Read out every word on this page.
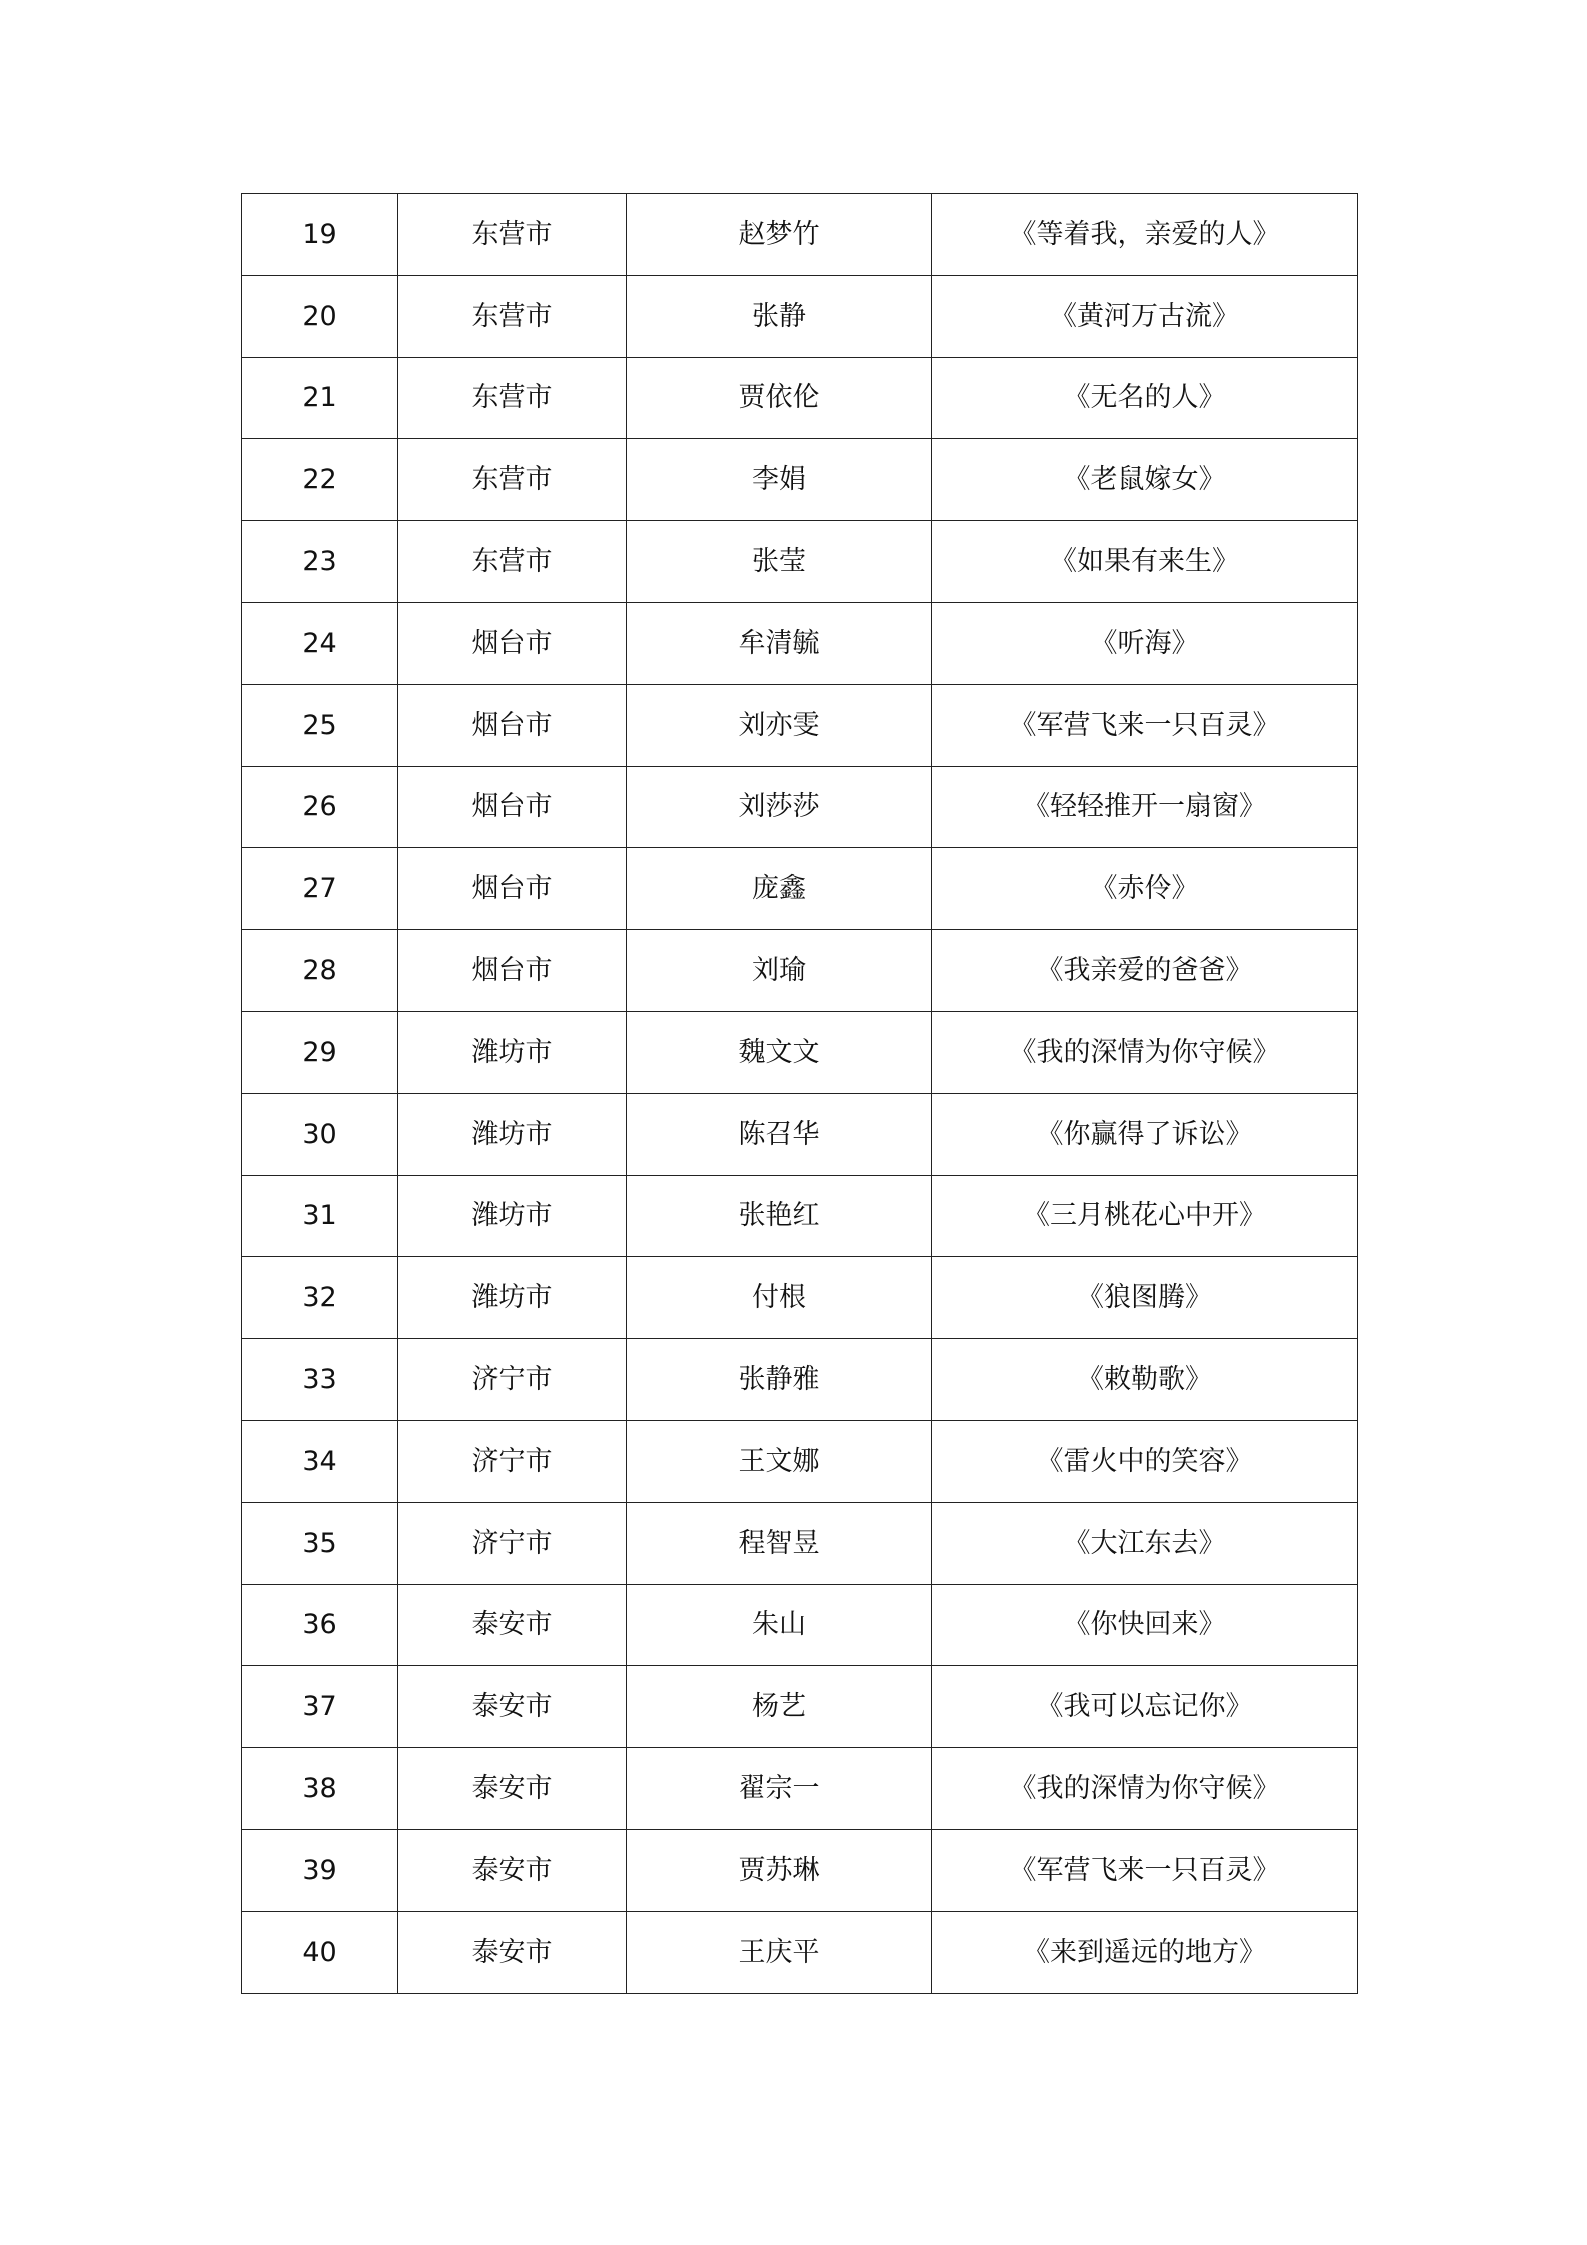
19	东营市	赵梦竹	《等着我，亲爱的人》
20	东营市	张静	《黄河万古流》
21	东营市	贾依伦	《无名的人》
22	东营市	李娟	《老鼠嫁女》
23	东营市	张莹	《如果有来生》
24	烟台市	牟清毓	《听海》
25	烟台市	刘亦雯	《军营飞来一只百灵》
26	烟台市	刘莎莎	《轻轻推开一扇窗》
27	烟台市	庞鑫	《赤伶》
28	烟台市	刘瑜	《我亲爱的爸爸》
29	潍坊市	魏文文	《我的深情为你守候》
30	潍坊市	陈召华	《你赢得了诉讼》
31	潍坊市	张艳红	《三月桃花心中开》
32	潍坊市	付根	《狼图腾》
33	济宁市	张静雅	《敕勒歌》
34	济宁市	王文娜	《雷火中的笑容》
35	济宁市	程智昱	《大江东去》
36	泰安市	朱山	《你快回来》
37	泰安市	杨艺	《我可以忘记你》
38	泰安市	翟宗一	《我的深情为你守候》
39	泰安市	贾苏琳	《军营飞来一只百灵》
40	泰安市	王庆平	《来到遥远的地方》
